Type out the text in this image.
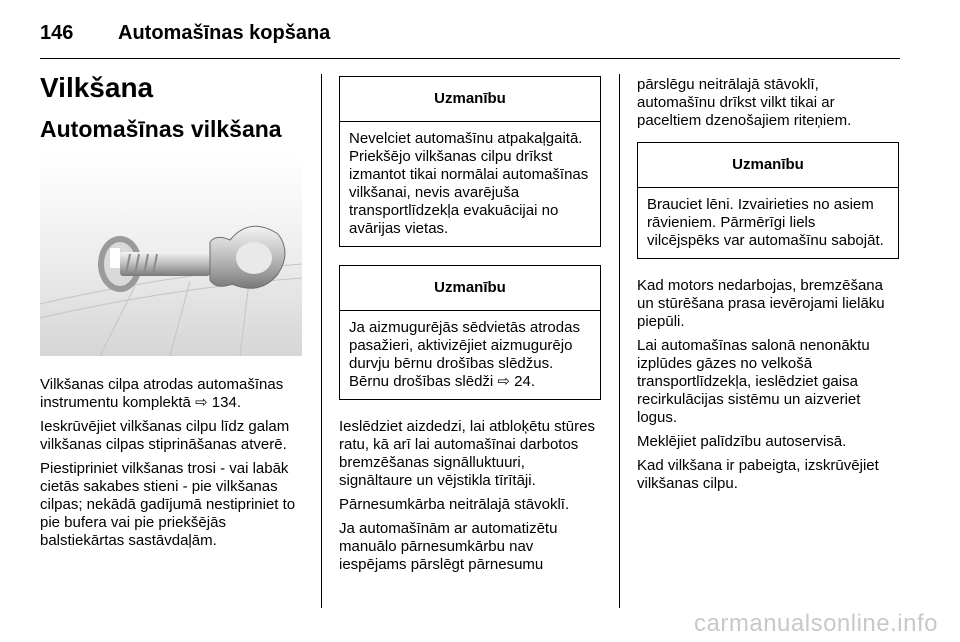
146 Automašīnas kopšana
Vilkšana
Automašīnas vilkšana

Vilkšanas cilpa atrodas automašīnas instrumentu komplektā ⇨ 134.

Ieskrūvējiet vilkšanas cilpu līdz galam vilkšanas cilpas stiprināšanas atverē.

Piestipriniet vilkšanas trosi - vai labāk cietās sakabes stieni - pie vilkšanas cilpas; nekādā gadījumā nestipriniet to pie bufera vai pie priekšējās balstiekārtas sastāvdaļām.

Uzmanību
Nevelciet automašīnu atpakaļgaitā. Priekšējo vilkšanas cilpu drīkst izmantot tikai normālai automašīnas vilkšanai, nevis avarējuša transportlīdzekļa evakuācijai no avārijas vietas.
Uzmanību
Ja aizmugurējās sēdvietās atrodas pasažieri, aktivizējiet aizmugurējo durvju bērnu drošības slēdžus. Bērnu drošības slēdži ⇨ 24.

Ieslēdziet aizdedzi, lai atbloķētu stūres ratu, kā arī lai automašīnai darbotos bremzēšanas signālluktuuri, signāltaure un vējstikla tīrītāji.

Pārnesumkārba neitrālajā stāvoklī.

Ja automašīnām ar automatizētu manuālo pārnesumkārbu nav iespējams pārslēgt pārnesumu

pārslēgu neitrālajā stāvoklī, automašīnu drīkst vilkt tikai ar paceltiem dzenošajiem riteņiem.

Uzmanību
Brauciet lēni. Izvairieties no asiem rāvieniem. Pārmērīgi liels vilcējspēks var automašīnu sabojāt.

Kad motors nedarbojas, bremzēšana un stūrēšana prasa ievērojami lielāku piepūli.

Lai automašīnas salonā nenonāktu izplūdes gāzes no velkošā transportlīdzekļa, ieslēdziet gaisa recirkulācijas sistēmu un aizveriet logus.

Meklējiet palīdzību autoservisā.

Kad vilkšana ir pabeigta, izskrūvējiet vilkšanas cilpu.

carmanualsonline.info
